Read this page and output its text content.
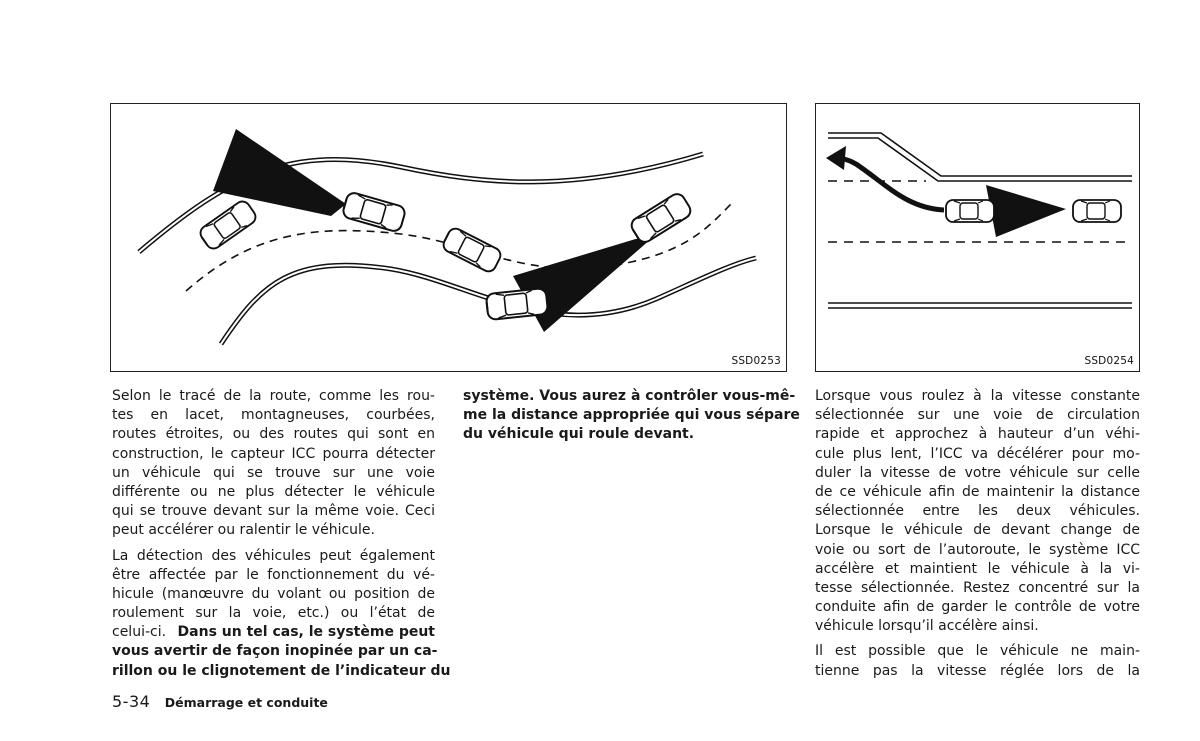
SSD0253	SSD0254
Selon le tracé de la route, comme les rou-
tes en lacet, montagneuses, courbées,
routes étroites, ou des routes qui sont en
construction, le capteur ICC pourra détecter
un véhicule qui se trouve sur une voie
différente ou ne plus détecter le véhicule
qui se trouve devant sur la même voie. Ceci
peut accélérer ou ralentir le véhicule.
La détection des véhicules peut également
être affectée par le fonctionnement du vé-
hicule (manœuvre du volant ou position de
roulement sur la voie, etc.) ou l’état de
celui-ci. Dans un tel cas, le système peut
vous avertir de façon inopinée par un ca-
rillon ou le clignotement de l’indicateur du
système. Vous aurez à contrôler vous-mê-
me la distance appropriée qui vous sépare
du véhicule qui roule devant.
Lorsque vous roulez à la vitesse constante
sélectionnée sur une voie de circulation
rapide et approchez à hauteur d’un véhi-
cule plus lent, l’ICC va décélérer pour mo-
duler la vitesse de votre véhicule sur celle
de ce véhicule afin de maintenir la distance
sélectionnée entre les deux véhicules.
Lorsque le véhicule de devant change de
voie ou sort de l’autoroute, le système ICC
accélère et maintient le véhicule à la vi-
tesse sélectionnée. Restez concentré sur la
conduite afin de garder le contrôle de votre
véhicule lorsqu’il accélère ainsi.
Il est possible que le véhicule ne main-
tienne pas la vitesse réglée lors de la
5-34 Démarrage et conduite
